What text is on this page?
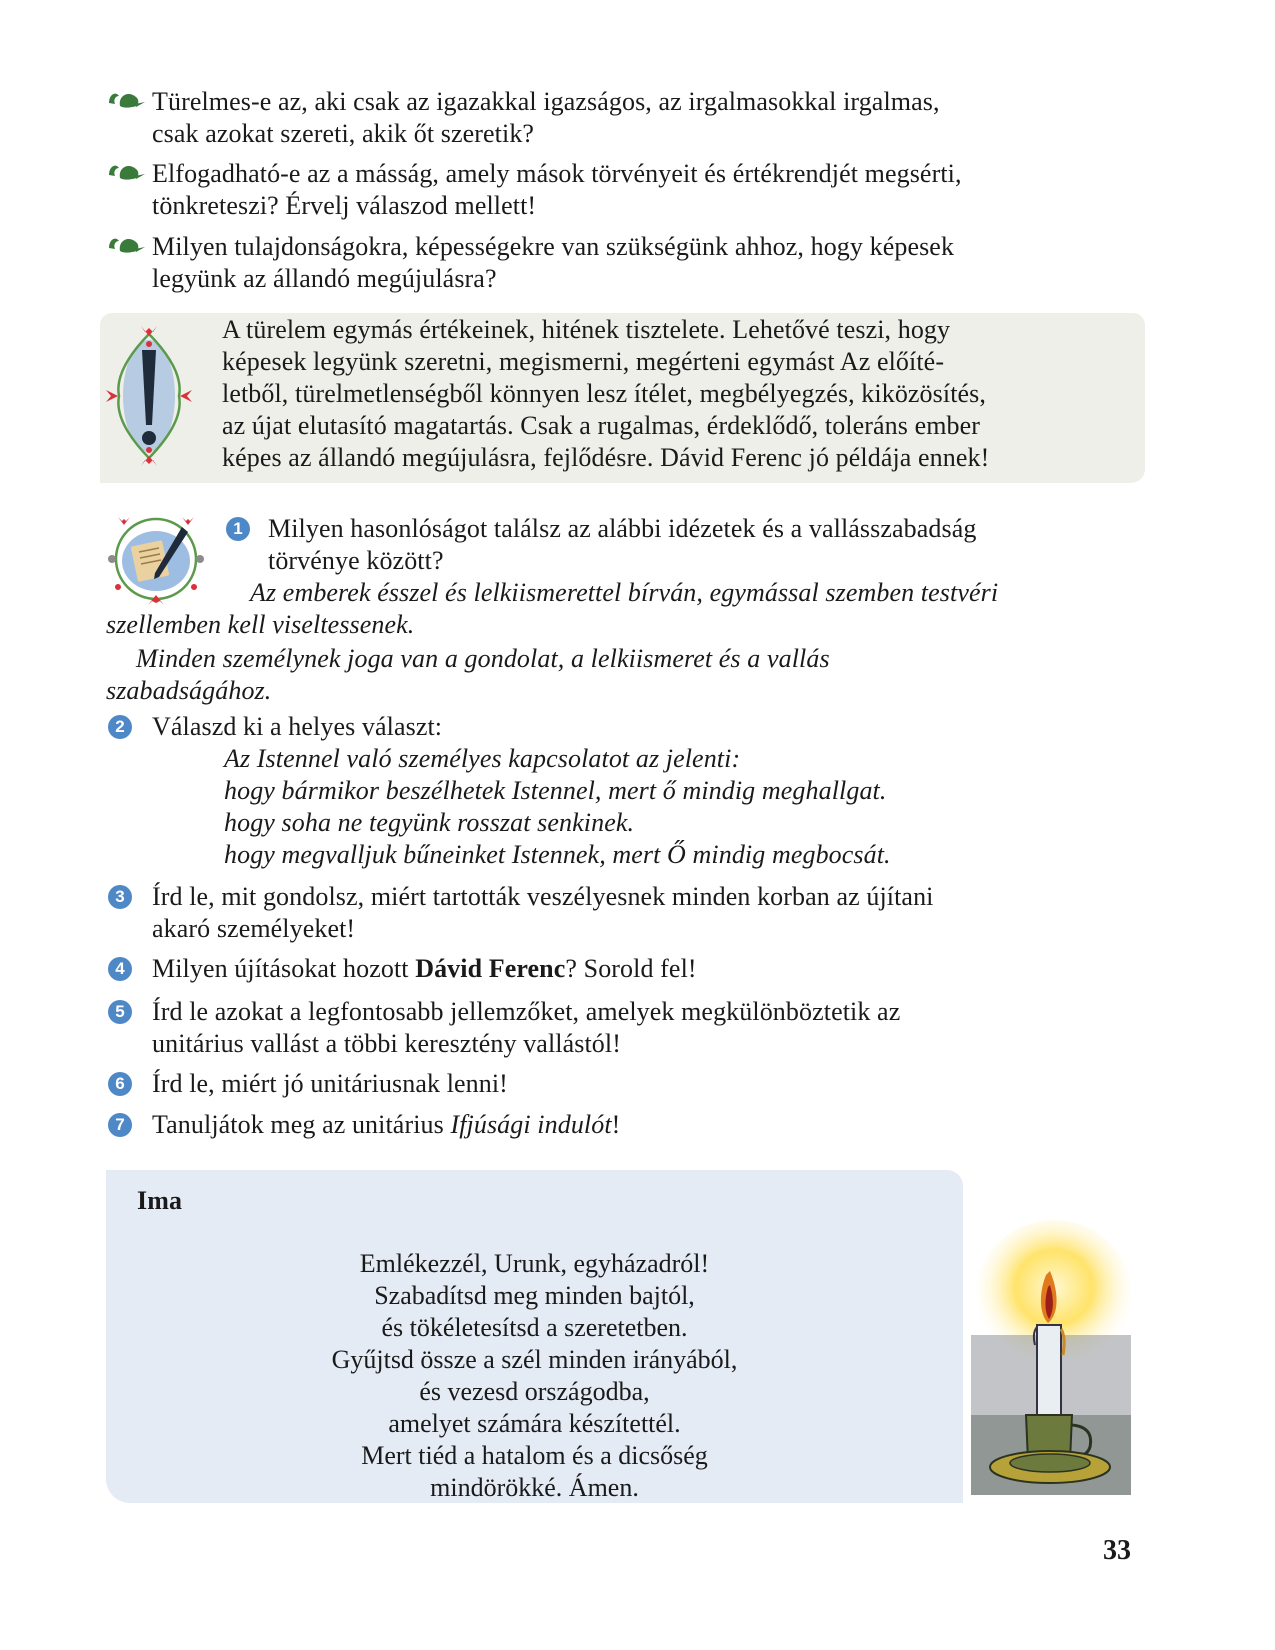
Türelmes-e az, aki csak az igazakkal igazságos, az irgalmasokkal irgalmas,
csak azokat szereti, akik őt szeretik?
Elfogadható-e az a másság, amely mások törvényeit és értékrendjét megsérti,
tönkreteszi? Érvelj válaszod mellett!
Milyen tulajdonságokra, képességekre van szükségünk ahhoz, hogy képesek
legyünk az állandó megújulásra?
A türelem egymás értékeinek, hitének tisztelete. Lehetővé teszi, hogy
képesek legyünk szeretni, megismerni, megérteni egymást Az előíté-
letből, türelmetlenségből könnyen lesz ítélet, megbélyegzés, kiközösítés,
az újat elutasító magatartás. Csak a rugalmas, érdeklődő, toleráns ember
képes az állandó megújulásra, fejlődésre. Dávid Ferenc jó példája ennek!
1 Milyen hasonlóságot találsz az alábbi idézetek és a vallásszabadság
törvénye között?
Az emberek ésszel és lelkiismerettel bírván, egymással szemben testvéri
szellemben kell viseltessenek.
Minden személynek joga van a gondolat, a lelkiismeret és a vallás
szabadságához.
2 Válaszd ki a helyes választ:
Az Istennel való személyes kapcsolatot az jelenti:
hogy bármikor beszélhetek Istennel, mert ő mindig meghallgat.
hogy soha ne tegyünk rosszat senkinek.
hogy megvalljuk bűneinket Istennek, mert Ő mindig megbocsát.
3 Írd le, mit gondolsz, miért tartották veszélyesnek minden korban az újítani
akaró személyeket!
4 Milyen újításokat hozott Dávid Ferenc? Sorold fel!
5 Írd le azokat a legfontosabb jellemzőket, amelyek megkülönböztetik az
unitárius vallást a többi keresztény vallástól!
6 Írd le, miért jó unitáriusnak lenni!
7 Tanuljátok meg az unitárius Ifjúsági indulót!
Ima
Emlékezzél, Urunk, egyházadról!
Szabadítsd meg minden bajtól,
és tökéletesítsd a szeretetben.
Gyűjtsd össze a szél minden irányából,
és vezesd országodba,
amelyet számára készítettél.
Mert tiéd a hatalom és a dicsőség
mindörökké. Ámen.
33
